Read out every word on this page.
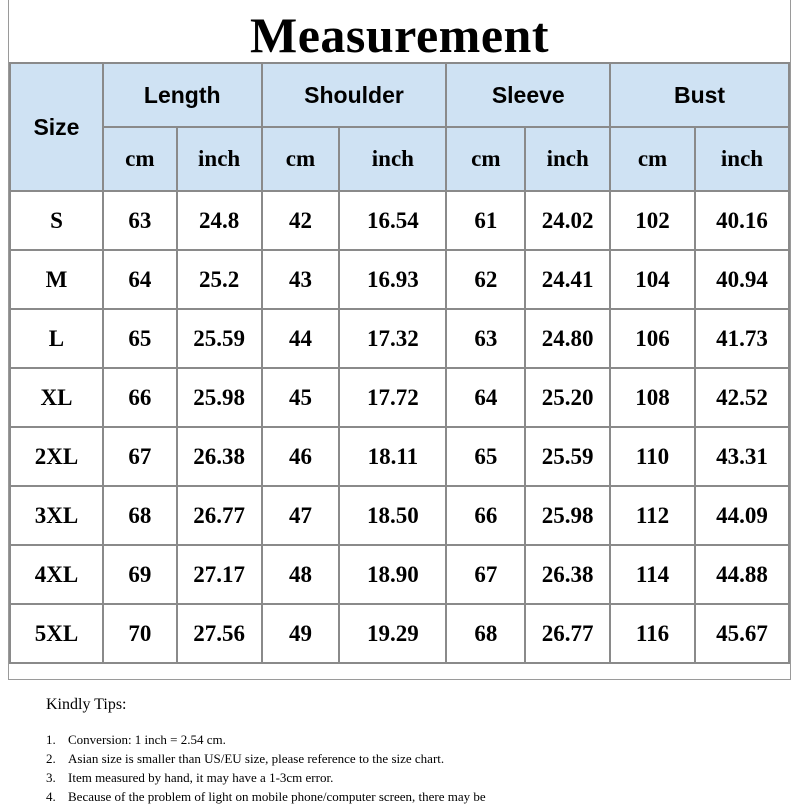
Measurement
Size	Length		Shoulder		Sleeve		Bust	
	cm	inch	cm	inch	cm	inch	cm	inch
S	63	24.8	42	16.54	61	24.02	102	40.16
M	64	25.2	43	16.93	62	24.41	104	40.94
L	65	25.59	44	17.32	63	24.80	106	41.73
XL	66	25.98	45	17.72	64	25.20	108	42.52
2XL	67	26.38	46	18.11	65	25.59	110	43.31
3XL	68	26.77	47	18.50	66	25.98	112	44.09
4XL	69	27.17	48	18.90	67	26.38	114	44.88
5XL	70	27.56	49	19.29	68	26.77	116	45.67
Kindly Tips:
1. Conversion: 1 inch = 2.54 cm.
2. Asian size is smaller than US/EU size, please reference to the size chart.
3. Item measured by hand, it may have a 1-3cm error.
4. Because of the problem of light on mobile phone/computer screen, there may be
